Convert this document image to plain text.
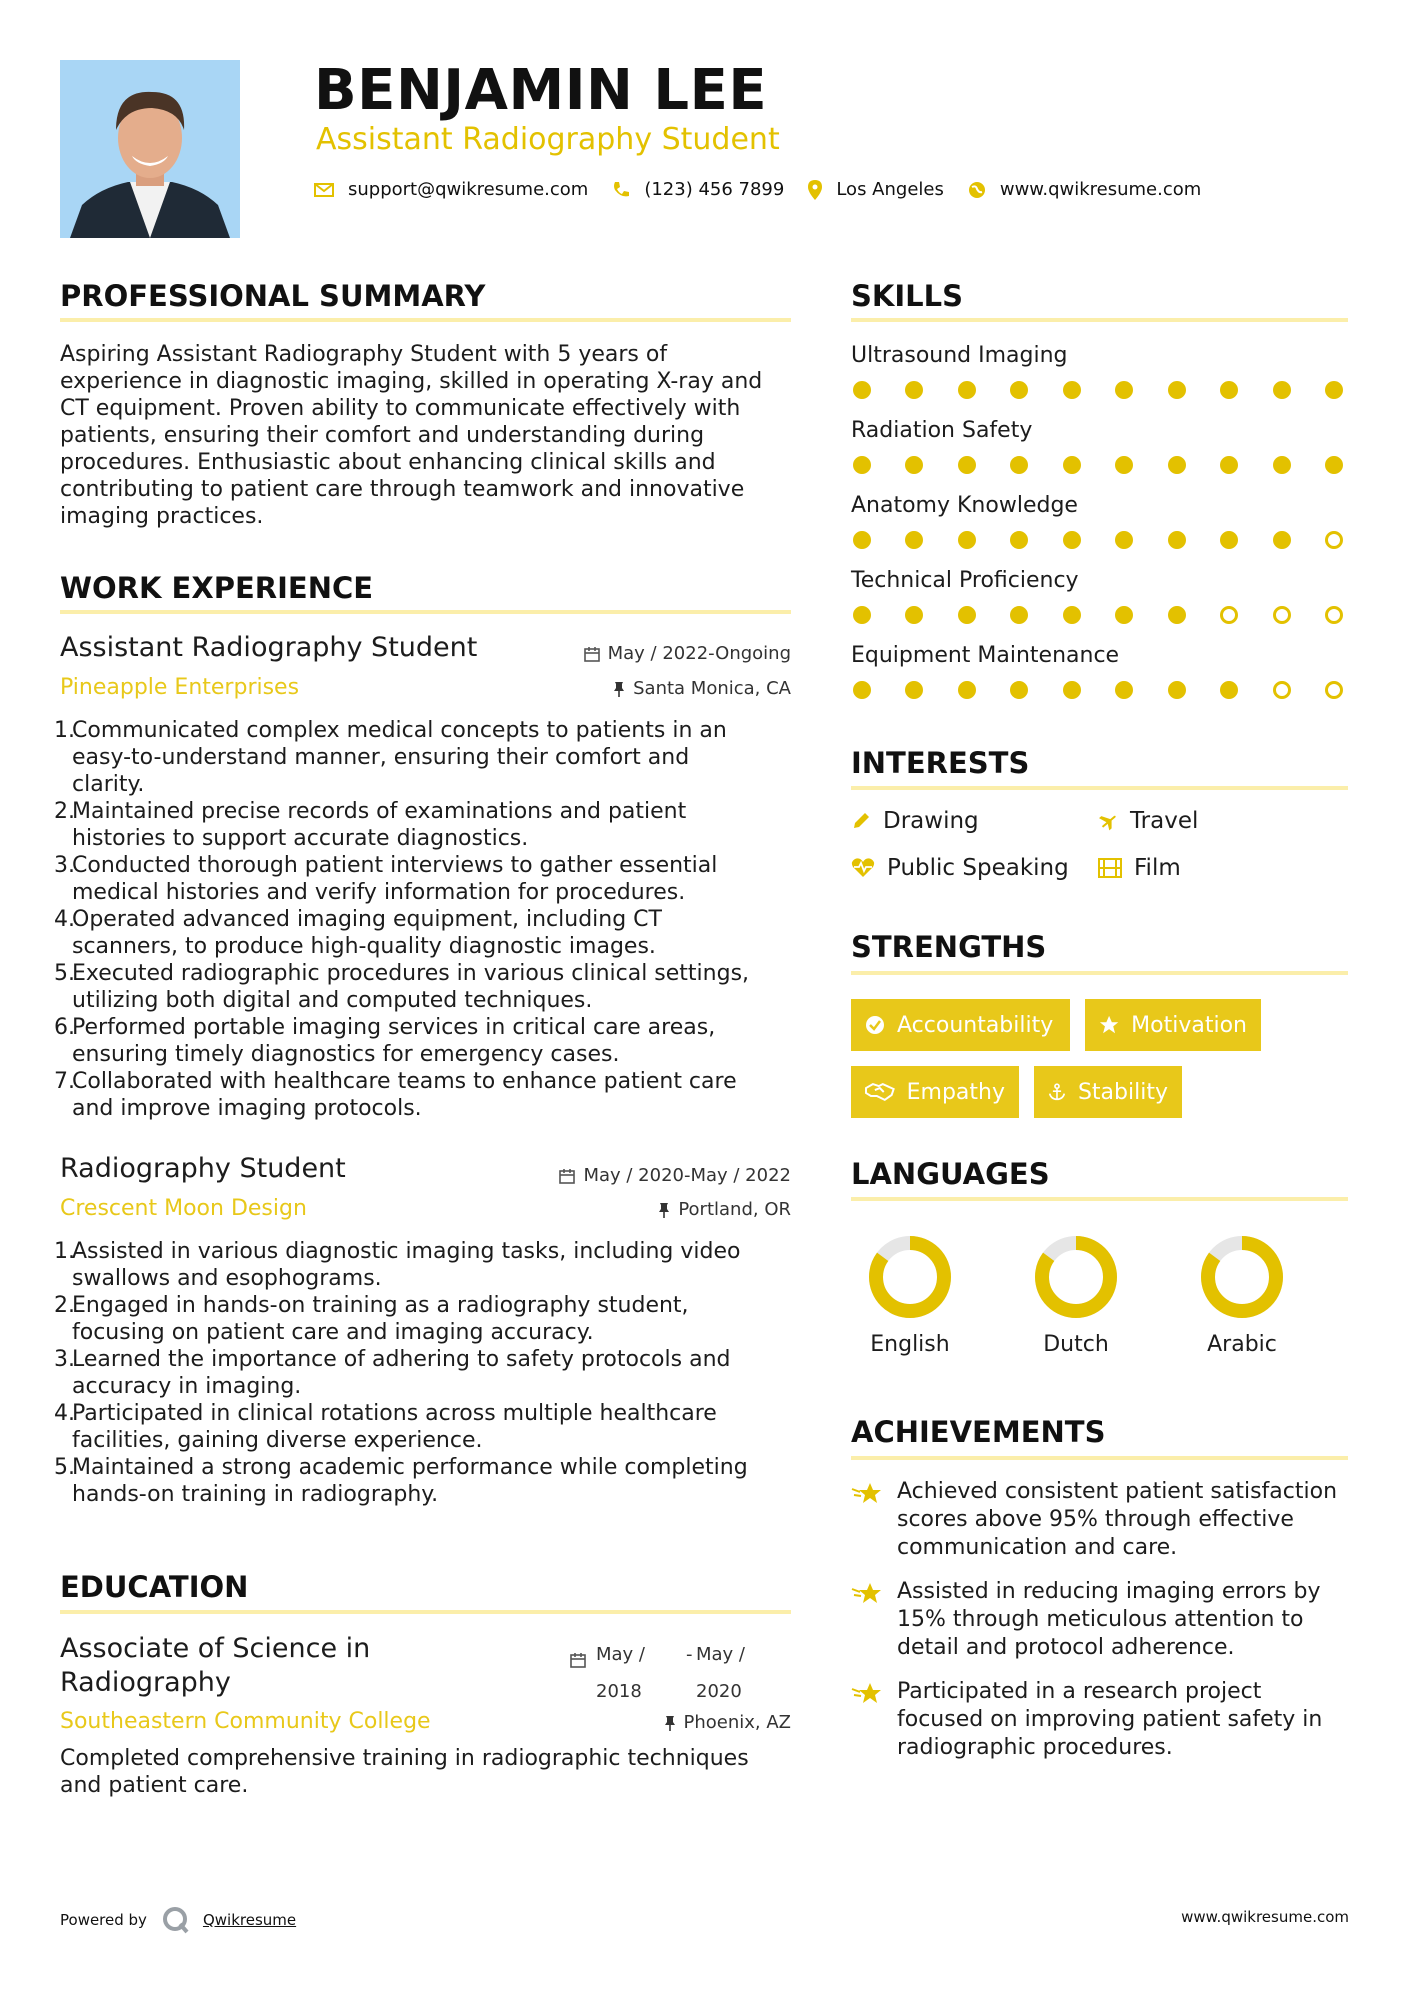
BENJAMIN LEE
Assistant Radiography Student
support@qwikresume.com	(123) 456 7899	Los Angeles	www.qwikresume.com
PROFESSIONAL SUMMARY
Aspiring Assistant Radiography Student with 5 years of
experience in diagnostic imaging, skilled in operating X-ray and
CT equipment. Proven ability to communicate effectively with
patients, ensuring their comfort and understanding during
procedures. Enthusiastic about enhancing clinical skills and
contributing to patient care through teamwork and innovative
imaging practices.
WORK EXPERIENCE
Assistant Radiography Student	May / 2022-Ongoing
Pineapple Enterprises	Santa Monica, CA
1.
Communicated complex medical concepts to patients in an
easy-to-understand manner, ensuring their comfort and
clarity.
2.
Maintained precise records of examinations and patient
histories to support accurate diagnostics.
3.
Conducted thorough patient interviews to gather essential
medical histories and verify information for procedures.
4.
Operated advanced imaging equipment, including CT
scanners, to produce high-quality diagnostic images.
5.
Executed radiographic procedures in various clinical settings,
utilizing both digital and computed techniques.
6.
Performed portable imaging services in critical care areas,
ensuring timely diagnostics for emergency cases.
7.
Collaborated with healthcare teams to enhance patient care
and improve imaging protocols.
Radiography Student	May / 2020-May / 2022
Crescent Moon Design	Portland, OR
1.
Assisted in various diagnostic imaging tasks, including video
swallows and esophograms.
2.
Engaged in hands-on training as a radiography student,
focusing on patient care and imaging accuracy.
3.
Learned the importance of adhering to safety protocols and
accuracy in imaging.
4.
Participated in clinical rotations across multiple healthcare
facilities, gaining diverse experience.
5.
Maintained a strong academic performance while completing
hands-on training in radiography.
EDUCATION
Associate of Science in
Radiography
May /
2018
- May /
2020
Southeastern Community College	Phoenix, AZ
Completed comprehensive training in radiographic techniques
and patient care.
SKILLS
Ultrasound Imaging
Radiation Safety
Anatomy Knowledge
Technical Proficiency
Equipment Maintenance
INTERESTS
Drawing	Travel
Public Speaking	Film
STRENGTHS
Accountability	Motivation
Empathy	Stability
LANGUAGES
English	Dutch	Arabic
ACHIEVEMENTS
Achieved consistent patient satisfaction
scores above 95% through effective
communication and care.
Assisted in reducing imaging errors by
15% through meticulous attention to
detail and protocol adherence.
Participated in a research project
focused on improving patient safety in
radiographic procedures.
Powered by	Qwikresume	www.qwikresume.com
